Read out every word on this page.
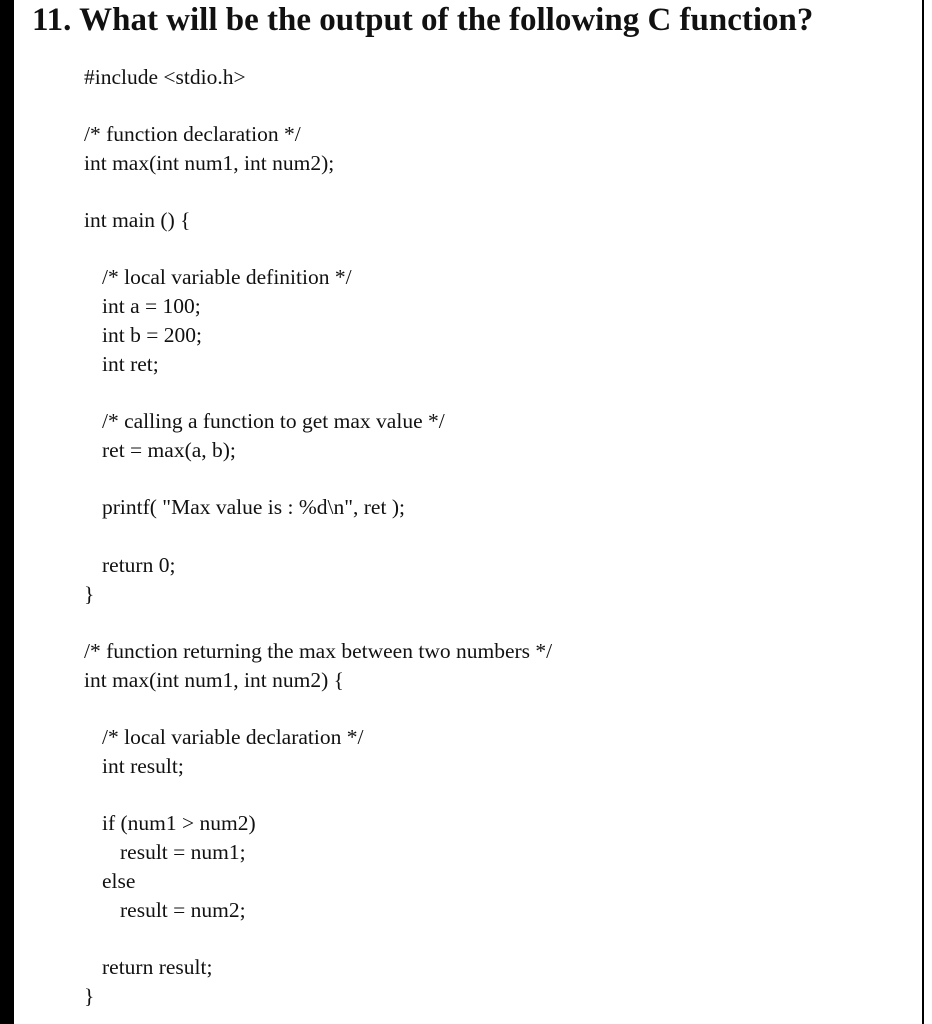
11. What will be the output of the following C function?
#include <stdio.h>
/* function declaration */
int max(int num1, int num2);
int main () {
/* local variable definition */
int a = 100;
int b = 200;
int ret;
/* calling a function to get max value */
ret = max(a, b);
printf( "Max value is : %d\n", ret );
return 0;
}
/* function returning the max between two numbers */
int max(int num1, int num2) {
/* local variable declaration */
int result;
if (num1 > num2)
result = num1;
else
result = num2;
return result;
}
